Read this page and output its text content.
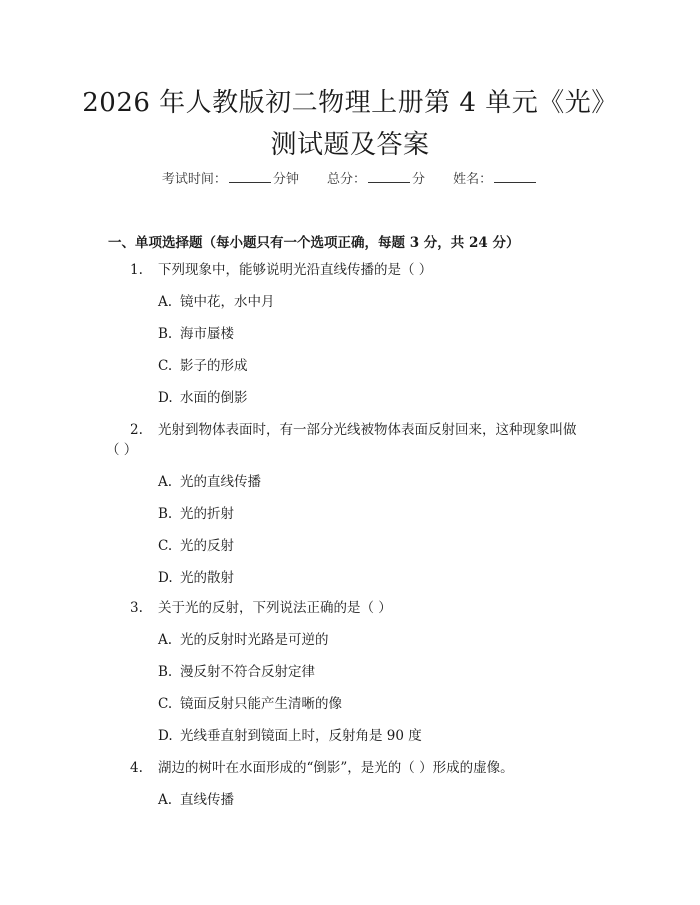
2026 年人教版初二物理上册第 4 单元《光》
测试题及答案
考试时间：	分钟 总分：	分 姓名：
一、单项选择题（每小题只有一个选项正确，每题 3 分，共 24 分）
1. 下列现象中，能够说明光沿直线传播的是（ ）
A. 镜中花，水中月
B. 海市蜃楼
C. 影子的形成
D. 水面的倒影
2. 光射到物体表面时，有一部分光线被物体表面反射回来，这种现象叫做
（ ）
A. 光的直线传播
B. 光的折射
C. 光的反射
D. 光的散射
3. 关于光的反射，下列说法正确的是（ ）
A. 光的反射时光路是可逆的
B. 漫反射不符合反射定律
C. 镜面反射只能产生清晰的像
D. 光线垂直射到镜面上时，反射角是 90 度
4. 湖边的树叶在水面形成的“倒影”，是光的（ ）形成的虚像。
A. 直线传播
